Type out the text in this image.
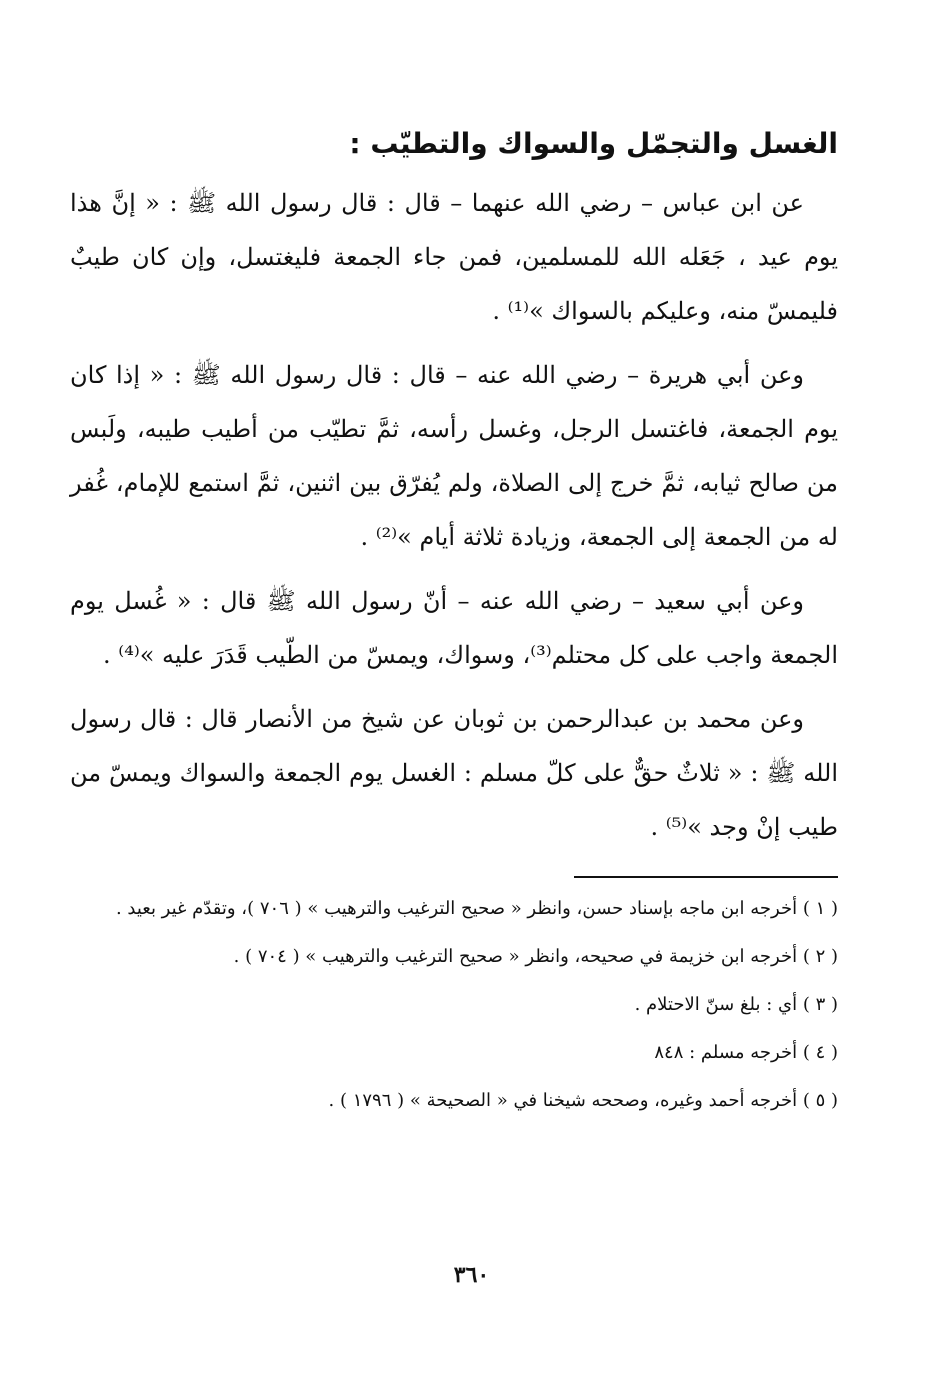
الغسل والتجمّل والسواك والتطيّب :

عن ابن عباس – رضي الله عنهما – قال : قال رسول الله ﷺ : « إنَّ هذا يوم عيد ، جَعَله الله للمسلمين، فمن جاء الجمعة فليغتسل، وإن كان طيبٌ فليمسّ منه، وعليكم بالسواك »⁽¹⁾ .

وعن أبي هريرة – رضي الله عنه – قال : قال رسول الله ﷺ : « إذا كان يوم الجمعة، فاغتسل الرجل، وغسل رأسه، ثمَّ تطيّب من أطيب طيبه، ولَبس من صالح ثيابه، ثمَّ خرج إلى الصلاة، ولم يُفرّق بين اثنين، ثمَّ استمع للإمام، غُفر له من الجمعة إلى الجمعة، وزيادة ثلاثة أيام »⁽²⁾ .

وعن أبي سعيد – رضي الله عنه – أنّ رسول الله ﷺ قال : « غُسل يوم الجمعة واجب على كل محتلم⁽³⁾، وسواك، ويمسّ من الطّيب قَدَرَ عليه »⁽⁴⁾ .

وعن محمد بن عبدالرحمن بن ثوبان عن شيخ من الأنصار قال : قال رسول الله ﷺ : « ثلاثٌ حقٌّ على كلّ مسلم : الغسل يوم الجمعة والسواك ويمسّ من طيب إنْ وجد »⁽⁵⁾ .

( ١ ) أخرجه ابن ماجه بإسناد حسن، وانظر « صحيح الترغيب والترهيب » ( ٧٠٦ )، وتقدّم غير بعيد .

( ٢ ) أخرجه ابن خزيمة في صحيحه، وانظر « صحيح الترغيب والترهيب » ( ٧٠٤ ) .

( ٣ ) أي : بلغ سنّ الاحتلام .

( ٤ ) أخرجه مسلم : ٨٤٨

( ٥ ) أخرجه أحمد وغيره، وصححه شيخنا في « الصحيحة » ( ١٧٩٦ ) .

٣٦٠
